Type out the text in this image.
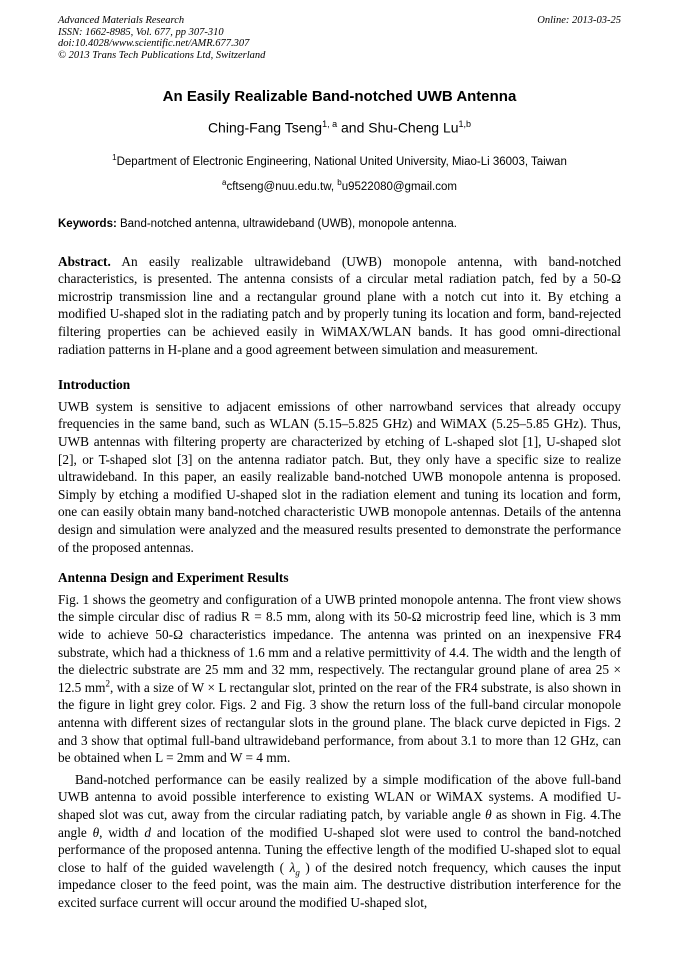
Advanced Materials Research
ISSN: 1662-8985, Vol. 677, pp 307-310
doi:10.4028/www.scientific.net/AMR.677.307
© 2013 Trans Tech Publications Ltd, Switzerland
Online: 2013-03-25
An Easily Realizable Band-notched UWB Antenna
Ching-Fang Tseng$^{1, a}$ and Shu-Cheng Lu$^{1,b}$
$^1$Department of Electronic Engineering, National United University, Miao-Li 36003, Taiwan
$^a$cftseng@nuu.edu.tw, $^b$u9522080@gmail.com
Keywords: Band-notched antenna, ultrawideband (UWB), monopole antenna.

Abstract. An easily realizable ultrawideband (UWB) monopole antenna, with band-notched characteristics, is presented. The antenna consists of a circular metal radiation patch, fed by a 50-Ω microstrip transmission line and a rectangular ground plane with a notch cut into it. By etching a modified U-shaped slot in the radiating patch and by properly tuning its location and form, band-rejected filtering properties can be achieved easily in WiMAX/WLAN bands. It has good omni-directional radiation patterns in H-plane and a good agreement between simulation and measurement.

Introduction

UWB system is sensitive to adjacent emissions of other narrowband services that already occupy frequencies in the same band, such as WLAN (5.15–5.825 GHz) and WiMAX (5.25–5.85 GHz). Thus, UWB antennas with filtering property are characterized by etching of L-shaped slot [1], U-shaped slot [2], or T-shaped slot [3] on the antenna radiator patch. But, they only have a specific size to realize ultrawideband. In this paper, an easily realizable band-notched UWB monopole antenna is proposed. Simply by etching a modified U-shaped slot in the radiation element and tuning its location and form, one can easily obtain many band-notched characteristic UWB monopole antennas. Details of the antenna design and simulation were analyzed and the measured results presented to demonstrate the performance of the proposed antennas.

Antenna Design and Experiment Results

Fig. 1 shows the geometry and configuration of a UWB printed monopole antenna. The front view shows the simple circular disc of radius R = 8.5 mm, along with its 50-Ω microstrip feed line, which is 3 mm wide to achieve 50-Ω characteristics impedance. The antenna was printed on an inexpensive FR4 substrate, which had a thickness of 1.6 mm and a relative permittivity of 4.4. The width and the length of the dielectric substrate are 25 mm and 32 mm, respectively. The rectangular ground plane of area 25 × 12.5 $mm^2$, with a size of W × L rectangular slot, printed on the rear of the FR4 substrate, is also shown in the figure in light grey color. Figs. 2 and Fig. 3 show the return loss of the full-band circular monopole antenna with different sizes of rectangular slots in the ground plane. The black curve depicted in Figs. 2 and 3 show that optimal full-band ultrawideband performance, from about 3.1 to more than 12 GHz, can be obtained when L = 2mm and W = 4 mm.

Band-notched performance can be easily realized by a simple modification of the above full-band UWB antenna to avoid possible interference to existing WLAN or WiMAX systems. A modified U-shaped slot was cut, away from the circular radiating patch, by variable angle θ as shown in Fig. 4.The angle θ, width d and location of the modified U-shaped slot were used to control the band-notched performance of the proposed antenna. Tuning the effective length of the modified U-shaped slot to equal close to half of the guided wavelength ( $\lambda_g$ ) of the desired notch frequency, which causes the input impedance closer to the feed point, was the main aim. The destructive distribution interference for the excited surface current will occur around the modified U-shaped slot,
